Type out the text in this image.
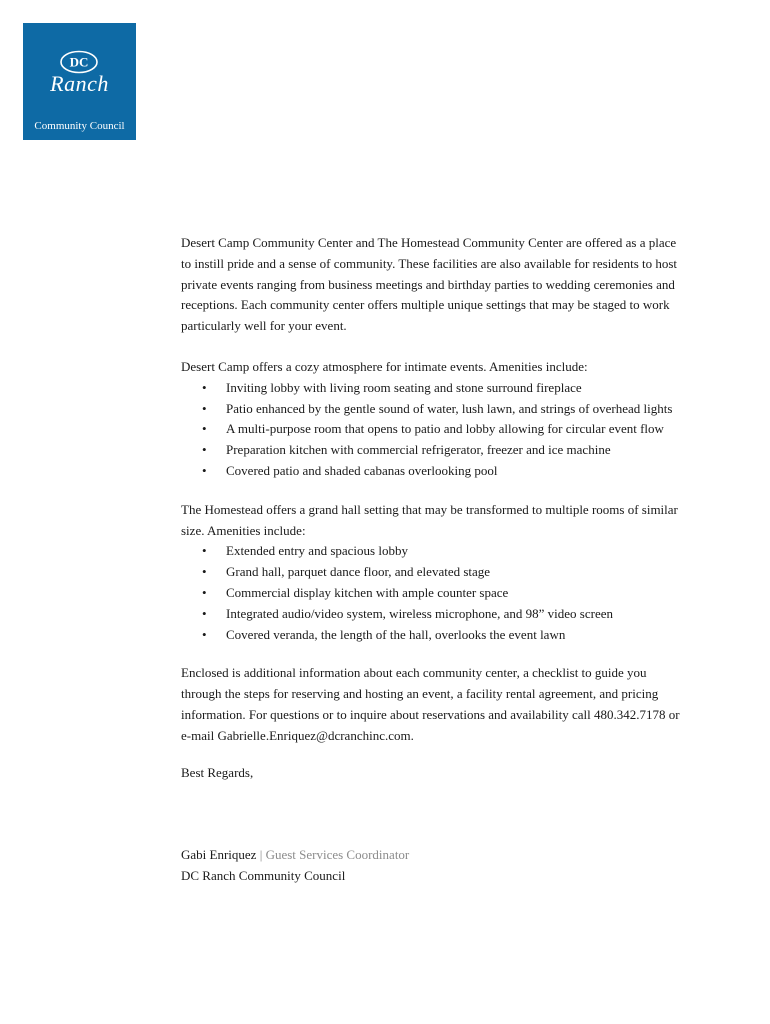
DC
Ranch
Community Council

Desert Camp Community Center and The Homestead Community Center are offered as a place to instill pride and a sense of community. These facilities are also available for residents to host private events ranging from business meetings and birthday parties to wedding ceremonies and receptions. Each community center offers multiple unique settings that may be staged to work particularly well for your event.

Desert Camp offers a cozy atmosphere for intimate events. Amenities include:

• Inviting lobby with living room seating and stone surround fireplace
• Patio enhanced by the gentle sound of water, lush lawn, and strings of overhead lights
• A multi-purpose room that opens to patio and lobby allowing for circular event flow
• Preparation kitchen with commercial refrigerator, freezer and ice machine
• Covered patio and shaded cabanas overlooking pool

The Homestead offers a grand hall setting that may be transformed to multiple rooms of similar size. Amenities include:

• Extended entry and spacious lobby
• Grand hall, parquet dance floor, and elevated stage
• Commercial display kitchen with ample counter space
• Integrated audio/video system, wireless microphone, and 98” video screen
• Covered veranda, the length of the hall, overlooks the event lawn

Enclosed is additional information about each community center, a checklist to guide you through the steps for reserving and hosting an event, a facility rental agreement, and pricing information. For questions or to inquire about reservations and availability call 480.342.7178 or e-mail Gabrielle.Enriquez@dcranchinc.com.

Best Regards,

Gabi Enriquez | Guest Services Coordinator

DC Ranch Community Council
